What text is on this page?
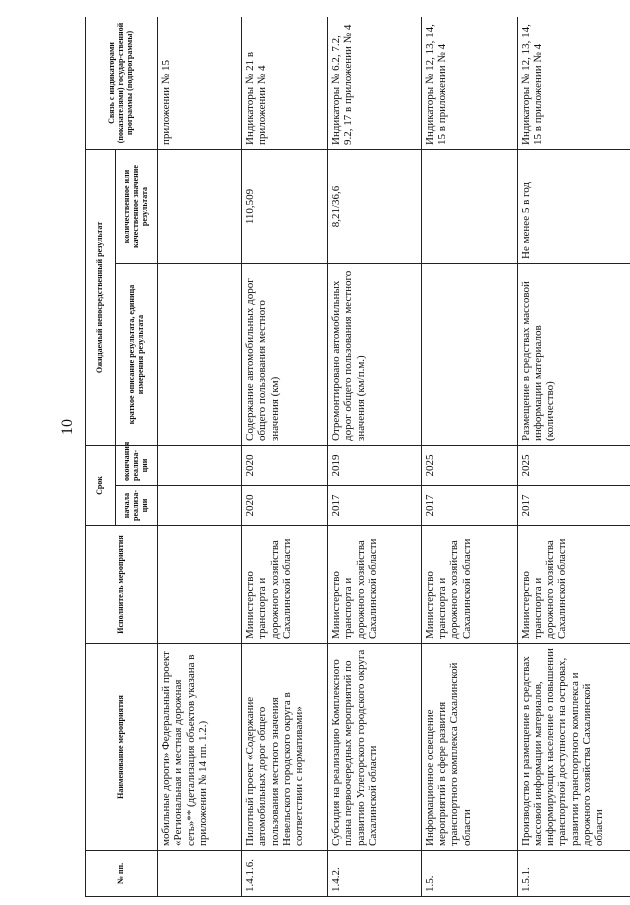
10
№ пп.	Наименование мероприятия	Исполнитель мероприятия	Срок		Ожидаемый непосредственный результат		Связь с индикаторами (показателями) государ-ственной программы (подпрограммы)
			начала реализа-ции	окончания реализа-ции	краткое описание результата, единица измерения результата	количественное или качественное значение результата	
	мобильные дороги» Федеральный проект «Региональная и местная дорожная сеть»** (детализация объектов указана в приложении № 14 пп. 1.2.)						приложении № 15
1.4.1.6.	Пилотный проект «Содержание автомобильных дорог общего пользования местного значения Невельского городского округа в соответствии с нормативами»	Министерство транспорта и дорожного хозяйства Сахалинской области	2020	2020	Содержание автомобильных дорог общего пользования местного значения (км)	110,509	Индикаторы № 21 в приложении № 4
1.4.2.	Субсидия на реализацию Комплексного плана первоочередных мероприятий по развитию Углегорского городского округа Сахалинской области	Министерство транспорта и дорожного хозяйства Сахалинской области	2017	2019	Отремонтировано автомобильных дорог общего пользования местного значения (км/п.м.)	8,21/36,6	Индикаторы № 6.2, 7.2, 9.2, 17 в приложении № 4
1.5.	Информационное освещение мероприятий в сфере развития транспортного комплекса Сахалинской области	Министерство транспорта и дорожного хозяйства Сахалинской области	2017	2025			Индикаторы № 12, 13, 14, 15 в приложении № 4
1.5.1.	Производство и размещение в средствах массовой информации материалов, информирующих население о повышении транспортной доступности на островах, развитии транспортного комплекса и дорожного хозяйства Сахалинской области	Министерство транспорта и дорожного хозяйства Сахалинской области	2017	2025	Размещение в средствах массовой информации материалов (количество)	Не менее 5 в год	Индикаторы № 12, 13, 14, 15 в приложении № 4
